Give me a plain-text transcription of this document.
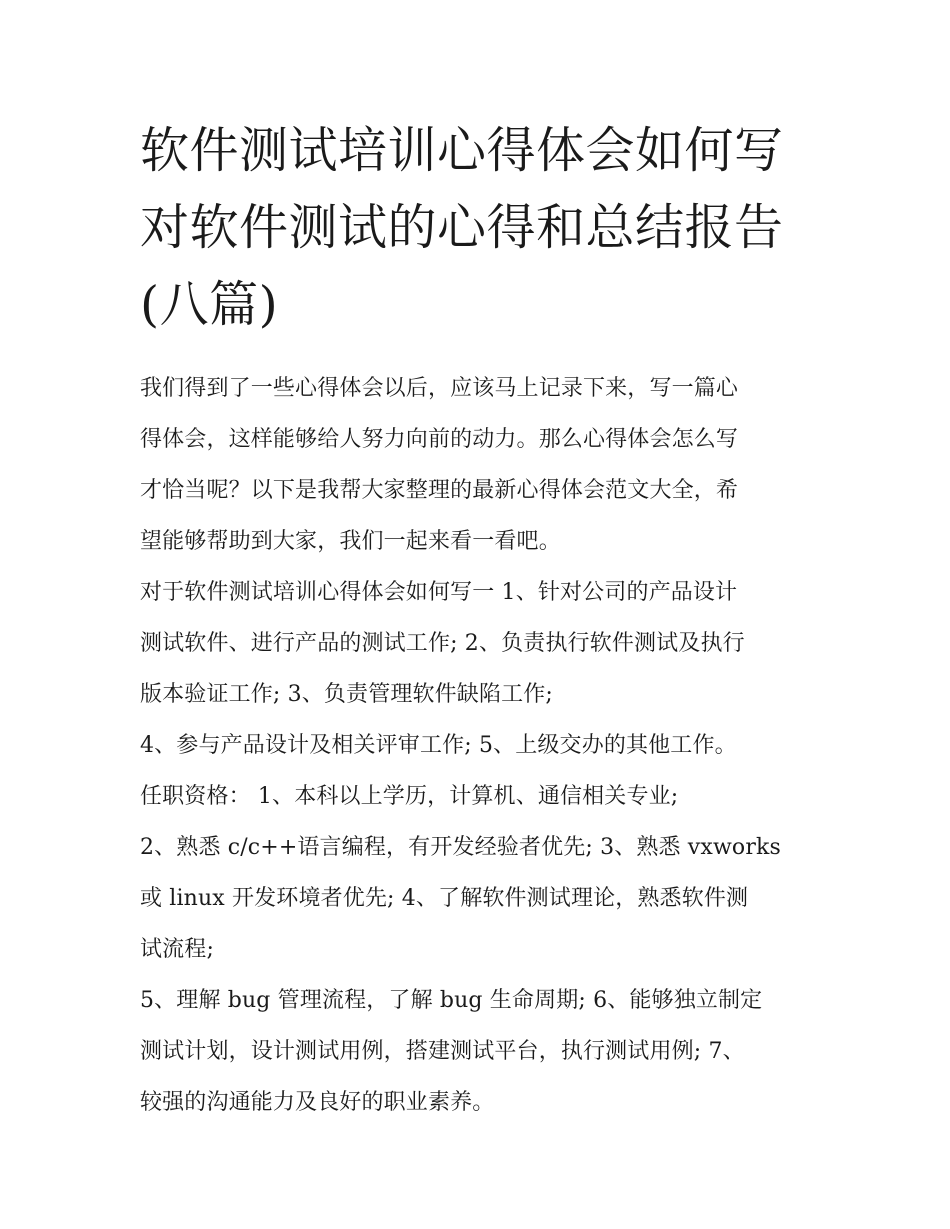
软件测试培训心得体会如何写
对软件测试的心得和总结报告
(八篇)
我们得到了一些心得体会以后，应该马上记录下来，写一篇心
得体会，这样能够给人努力向前的动力。那么心得体会怎么写
才恰当呢？以下是我帮大家整理的最新心得体会范文大全，希
望能够帮助到大家，我们一起来看一看吧。
对于软件测试培训心得体会如何写一 1、针对公司的产品设计
测试软件、进行产品的测试工作; 2、负责执行软件测试及执行
版本验证工作; 3、负责管理软件缺陷工作;
4、参与产品设计及相关评审工作; 5、上级交办的其他工作。
任职资格： 1、本科以上学历，计算机、通信相关专业;
2、熟悉 c/c++语言编程，有开发经验者优先; 3、熟悉 vxworks
或 linux 开发环境者优先; 4、了解软件测试理论，熟悉软件测
试流程;
5、理解 bug 管理流程，了解 bug 生命周期; 6、能够独立制定
测试计划，设计测试用例，搭建测试平台，执行测试用例; 7、
较强的沟通能力及良好的职业素养。
